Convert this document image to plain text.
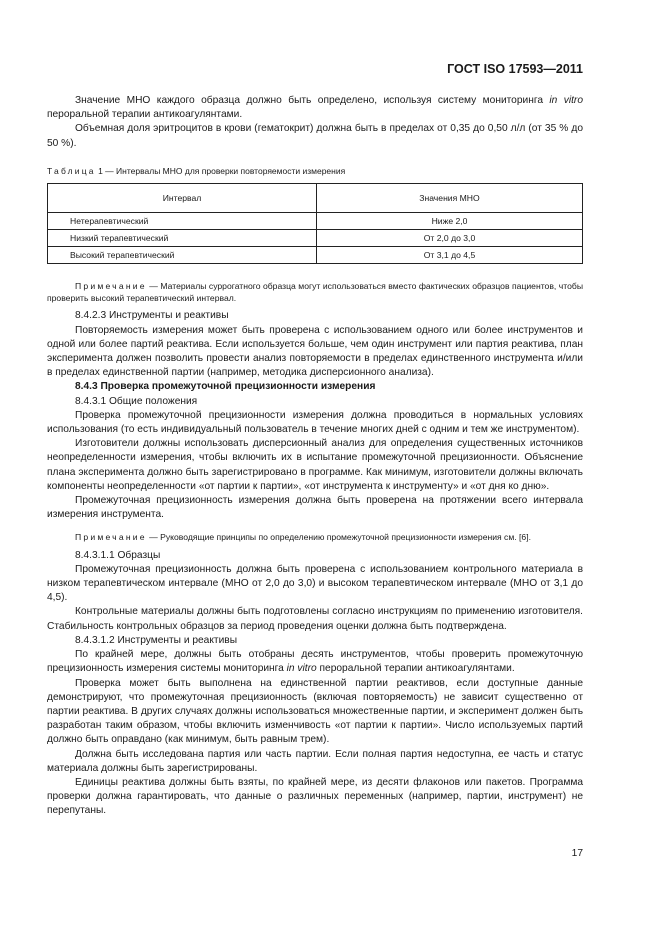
ГОСТ ISO 17593—2011

Значение МНО каждого образца должно быть определено, используя систему мониторинга in vitro пероральной терапии антикоагулянтами.

Объемная доля эритроцитов в крови (гематокрит) должна быть в пределах от 0,35 до 0,50 л/л (от 35 % до 50 %).

Таблица 1 — Интервалы МНО для проверки повторяемости измерения
Интервал	Значения МНО
Нетерапевтический	Ниже 2,0
Низкий терапевтический	От 2,0 до 3,0
Высокий терапевтический	От 3,1 до 4,5

Примечание — Материалы суррогатного образца могут использоваться вместо фактических образцов пациентов, чтобы проверить высокий терапевтический интервал.

8.4.2.3 Инструменты и реактивы

Повторяемость измерения может быть проверена с использованием одного или более инструментов и одной или более партий реактива. Если используется больше, чем один инструмент или партия реактива, план эксперимента должен позволить провести анализ повторяемости в пределах единственного инструмента и/или в пределах единственной партии (например, методика дисперсионного анализа).

8.4.3 Проверка промежуточной прецизионности измерения

8.4.3.1 Общие положения

Проверка промежуточной прецизионности измерения должна проводиться в нормальных условиях использования (то есть индивидуальный пользователь в течение многих дней с одним и тем же инструментом).

Изготовители должны использовать дисперсионный анализ для определения существенных источников неопределенности измерения, чтобы включить их в испытание промежуточной прецизионности. Объяснение плана эксперимента должно быть зарегистрировано в программе. Как минимум, изготовители должны включать компоненты неопределенности «от партии к партии», «от инструмента к инструменту» и «от дня ко дню».

Промежуточная прецизионность измерения должна быть проверена на протяжении всего интервала измерения инструмента.

Примечание — Руководящие принципы по определению промежуточной прецизионности измерения см. [6].

8.4.3.1.1 Образцы

Промежуточная прецизионность должна быть проверена с использованием контрольного материала в низком терапевтическом интервале (МНО от 2,0 до 3,0) и высоком терапевтическом интервале (МНО от 3,1 до 4,5).

Контрольные материалы должны быть подготовлены согласно инструкциям по применению изготовителя. Стабильность контрольных образцов за период проведения оценки должна быть подтверждена.

8.4.3.1.2 Инструменты и реактивы

По крайней мере, должны быть отобраны десять инструментов, чтобы проверить промежуточную прецизионность измерения системы мониторинга in vitro пероральной терапии антикоагулянтами.

Проверка может быть выполнена на единственной партии реактивов, если доступные данные демонстрируют, что промежуточная прецизионность (включая повторяемость) не зависит существенно от партии реактива. В других случаях должны использоваться множественные партии, и эксперимент должен быть разработан таким образом, чтобы включить изменчивость «от партии к партии». Число используемых партий должно быть оправдано (как минимум, быть равным трем).

Должна быть исследована партия или часть партии. Если полная партия недоступна, ее часть и статус материала должны быть зарегистрированы.

Единицы реактива должны быть взяты, по крайней мере, из десяти флаконов или пакетов. Программа проверки должна гарантировать, что данные о различных переменных (например, партии, инструмент) не перепутаны.

17
